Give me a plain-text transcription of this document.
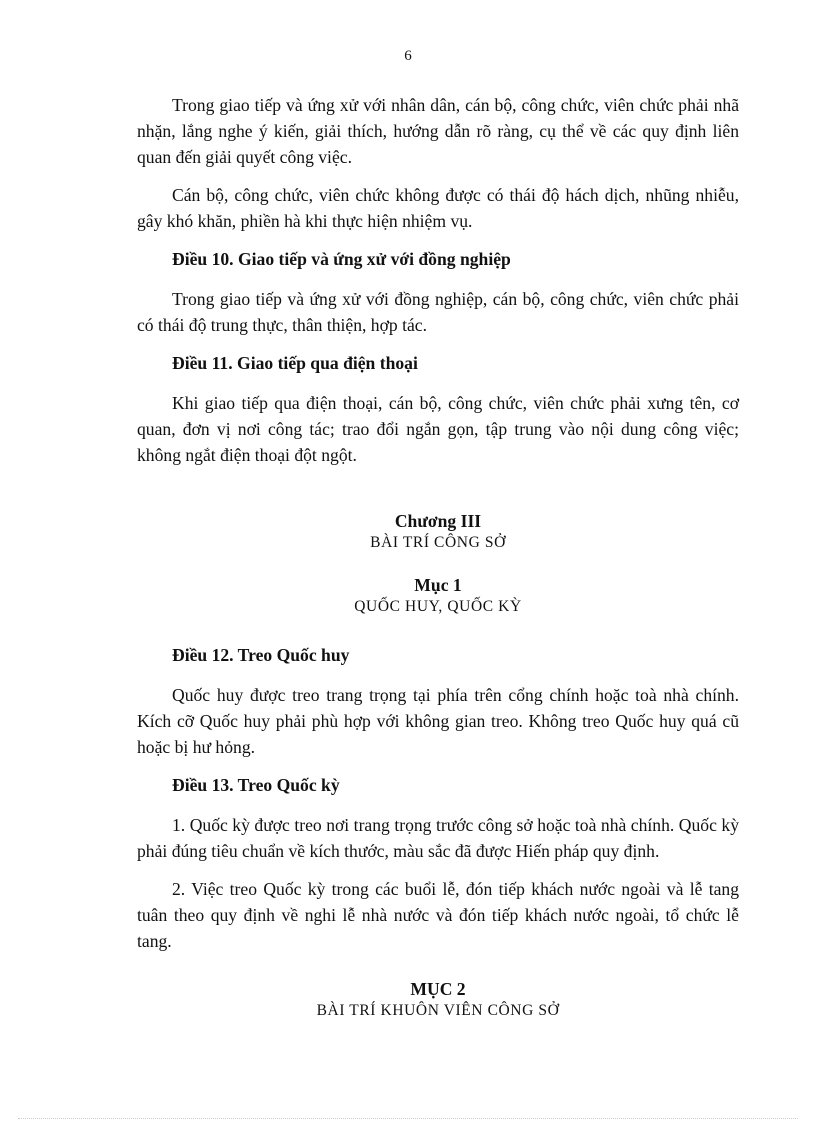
6

Trong giao tiếp và ứng xử với nhân dân, cán bộ, công chức, viên chức phải nhã nhặn, lắng nghe ý kiến, giải thích, hướng dẫn rõ ràng, cụ thể về các quy định liên quan đến giải quyết công việc.

Cán bộ, công chức, viên chức không được có thái độ hách dịch, nhũng nhiễu, gây khó khăn, phiền hà khi thực hiện nhiệm vụ.

Điều 10. Giao tiếp và ứng xử với đồng nghiệp

Trong giao tiếp và ứng xử với đồng nghiệp, cán bộ, công chức, viên chức phải có thái độ trung thực, thân thiện, hợp tác.

Điều 11. Giao tiếp qua điện thoại

Khi giao tiếp qua điện thoại, cán bộ, công chức, viên chức phải xưng tên, cơ quan, đơn vị nơi công tác; trao đổi ngắn gọn, tập trung vào nội dung công việc; không ngắt điện thoại đột ngột.

Chương III
BÀI TRÍ CÔNG SỞ
Mục 1
QUỐC HUY, QUỐC KỲ

Điều 12. Treo Quốc huy

Quốc huy được treo trang trọng tại phía trên cổng chính hoặc toà nhà chính. Kích cỡ Quốc huy phải phù hợp với không gian treo. Không treo Quốc huy quá cũ hoặc bị hư hỏng.

Điều 13. Treo Quốc kỳ

1. Quốc kỳ được treo nơi trang trọng trước công sở hoặc toà nhà chính. Quốc kỳ phải đúng tiêu chuẩn về kích thước, màu sắc đã được Hiến pháp quy định.

2. Việc treo Quốc kỳ trong các buổi lễ, đón tiếp khách nước ngoài và lễ tang tuân theo quy định về nghi lễ nhà nước và đón tiếp khách nước ngoài, tổ chức lễ tang.

MỤC 2
BÀI TRÍ KHUÔN VIÊN CÔNG SỞ
